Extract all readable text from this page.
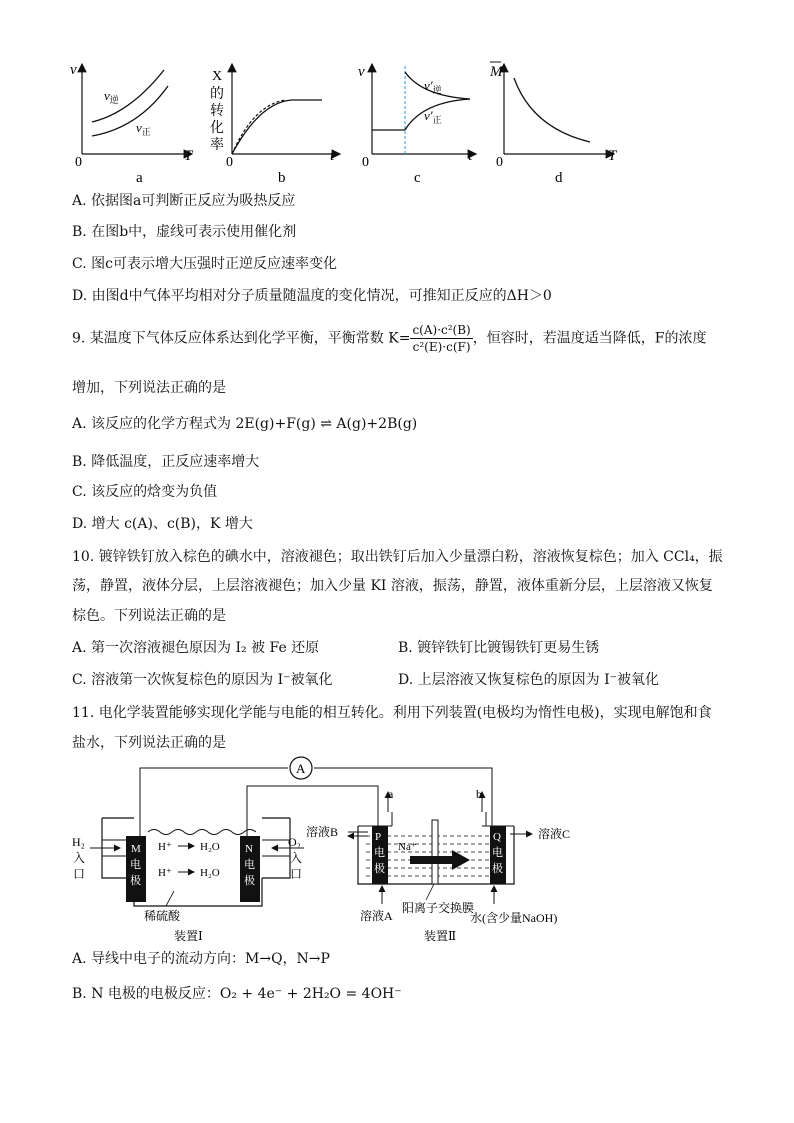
v
T
0
$v_逆$
$v_正$
a
X
的
转
化
率
t
0
b
v
t
0
$v'_逆$
$v'_正$
c
M
T
0
d
A. 依据图a可判断正反应为吸热反应
B. 在图b中，虚线可表示使用催化剂
C. 图c可表示增大压强时正逆反应速率变化
D. 由图d中气体平均相对分子质量随温度的变化情况，可推知正反应的ΔH＞0
9. 某温度下气体反应体系达到化学平衡，平衡常数 $K= \frac{\text{c(A)·c²(B)}}{\text{c²(E)·c(F)}}$ ，恒容时，若温度适当降低，F的浓度
增加，下列说法正确的是
A. 该反应的化学方程式为 2E(g)+F(g) ⇌ A(g)+2B(g)
B. 降低温度，正反应速率增大
C. 该反应的焓变为负值
D. 增大 c(A)、c(B)，K 增大
10. 镀锌铁钉放入棕色的碘水中，溶液褪色；取出铁钉后加入少量漂白粉，溶液恢复棕色；加入 CCl₄，振
荡，静置，液体分层，上层溶液褪色；加入少量 KI 溶液，振荡，静置，液体重新分层，上层溶液又恢复
棕色。下列说法正确的是
A. 第一次溶液褪色原因为 I₂ 被 Fe 还原	B. 镀锌铁钉比镀锡铁钉更易生锈
C. 溶液第一次恢复棕色的原因为 I⁻被氧化	D. 上层溶液又恢复棕色的原因为 I⁻被氧化
11. 电化学装置能够实现化学能与电能的相互转化。利用下列装置(电极均为惰性电极)，实现电解饱和食
盐水，下列说法正确的是
A
M
电
极
N
电
极
H₂
入
口
O₂
入
口
H⁺	H₂O
H⁺	H₂O
稀硫酸
装置Ⅰ
P
电
极
Q
电
极
Na⁺
a	b
溶液B	溶液C
溶液A
阳离子交换膜
水(含少量NaOH)
装置Ⅱ
A. 导线中电子的流动方向：M→Q，N→P
B. N 电极的电极反应：O₂ + 4e⁻ + 2H₂O = 4OH⁻
